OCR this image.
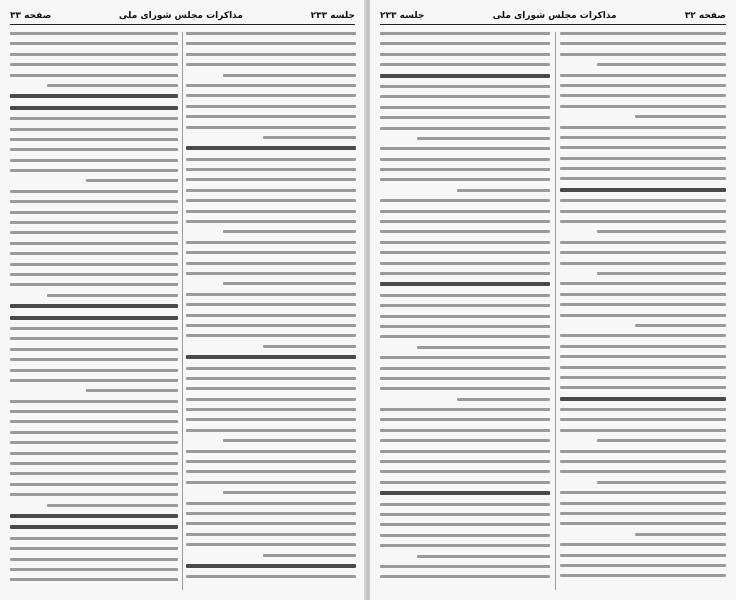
جلسه ۲۳۳
مذاکرات مجلس شورای ملی
صفحه ۳۳	صفحه ۳۲
مذاکرات مجلس شورای ملی
جلسه ۲۳۳
